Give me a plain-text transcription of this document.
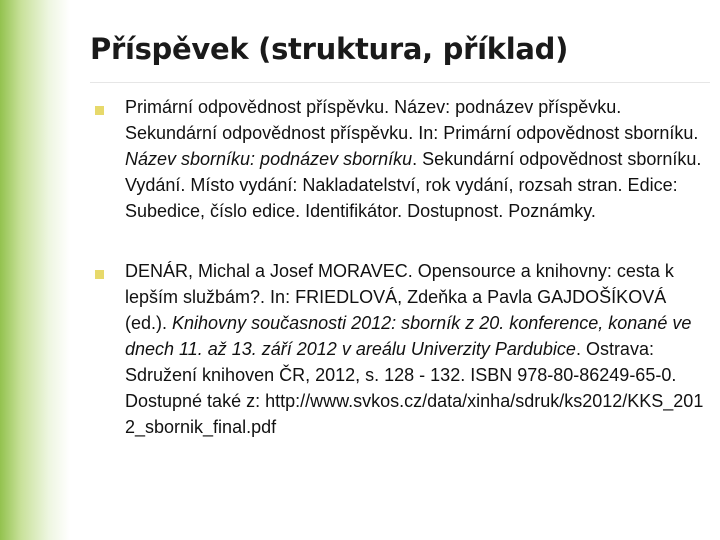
Příspěvek (struktura, příklad)
Primární odpovědnost příspěvku. Název: podnázev příspěvku. Sekundární odpovědnost příspěvku. In: Primární odpovědnost sborníku. Název sborníku: podnázev sborníku. Sekundární odpovědnost sborníku. Vydání. Místo vydání: Nakladatelství, rok vydání, rozsah stran. Edice: Subedice, číslo edice. Identifikátor. Dostupnost. Poznámky.
DENÁR, Michal a Josef MORAVEC. Opensource a knihovny: cesta k lepším službám?. In: FRIEDLOVÁ, Zdeňka a Pavla GAJDOŠÍKOVÁ (ed.). Knihovny současnosti 2012: sborník z 20. konference, konané ve dnech 11. až 13. září 2012 v areálu Univerzity Pardubice. Ostrava: Sdružení knihoven ČR, 2012, s. 128 - 132. ISBN 978-80-86249-65-0. Dostupné také z: http://www.svkos.cz/data/xinha/sdruk/ks2012/KKS_2012_sbornik_final.pdf
